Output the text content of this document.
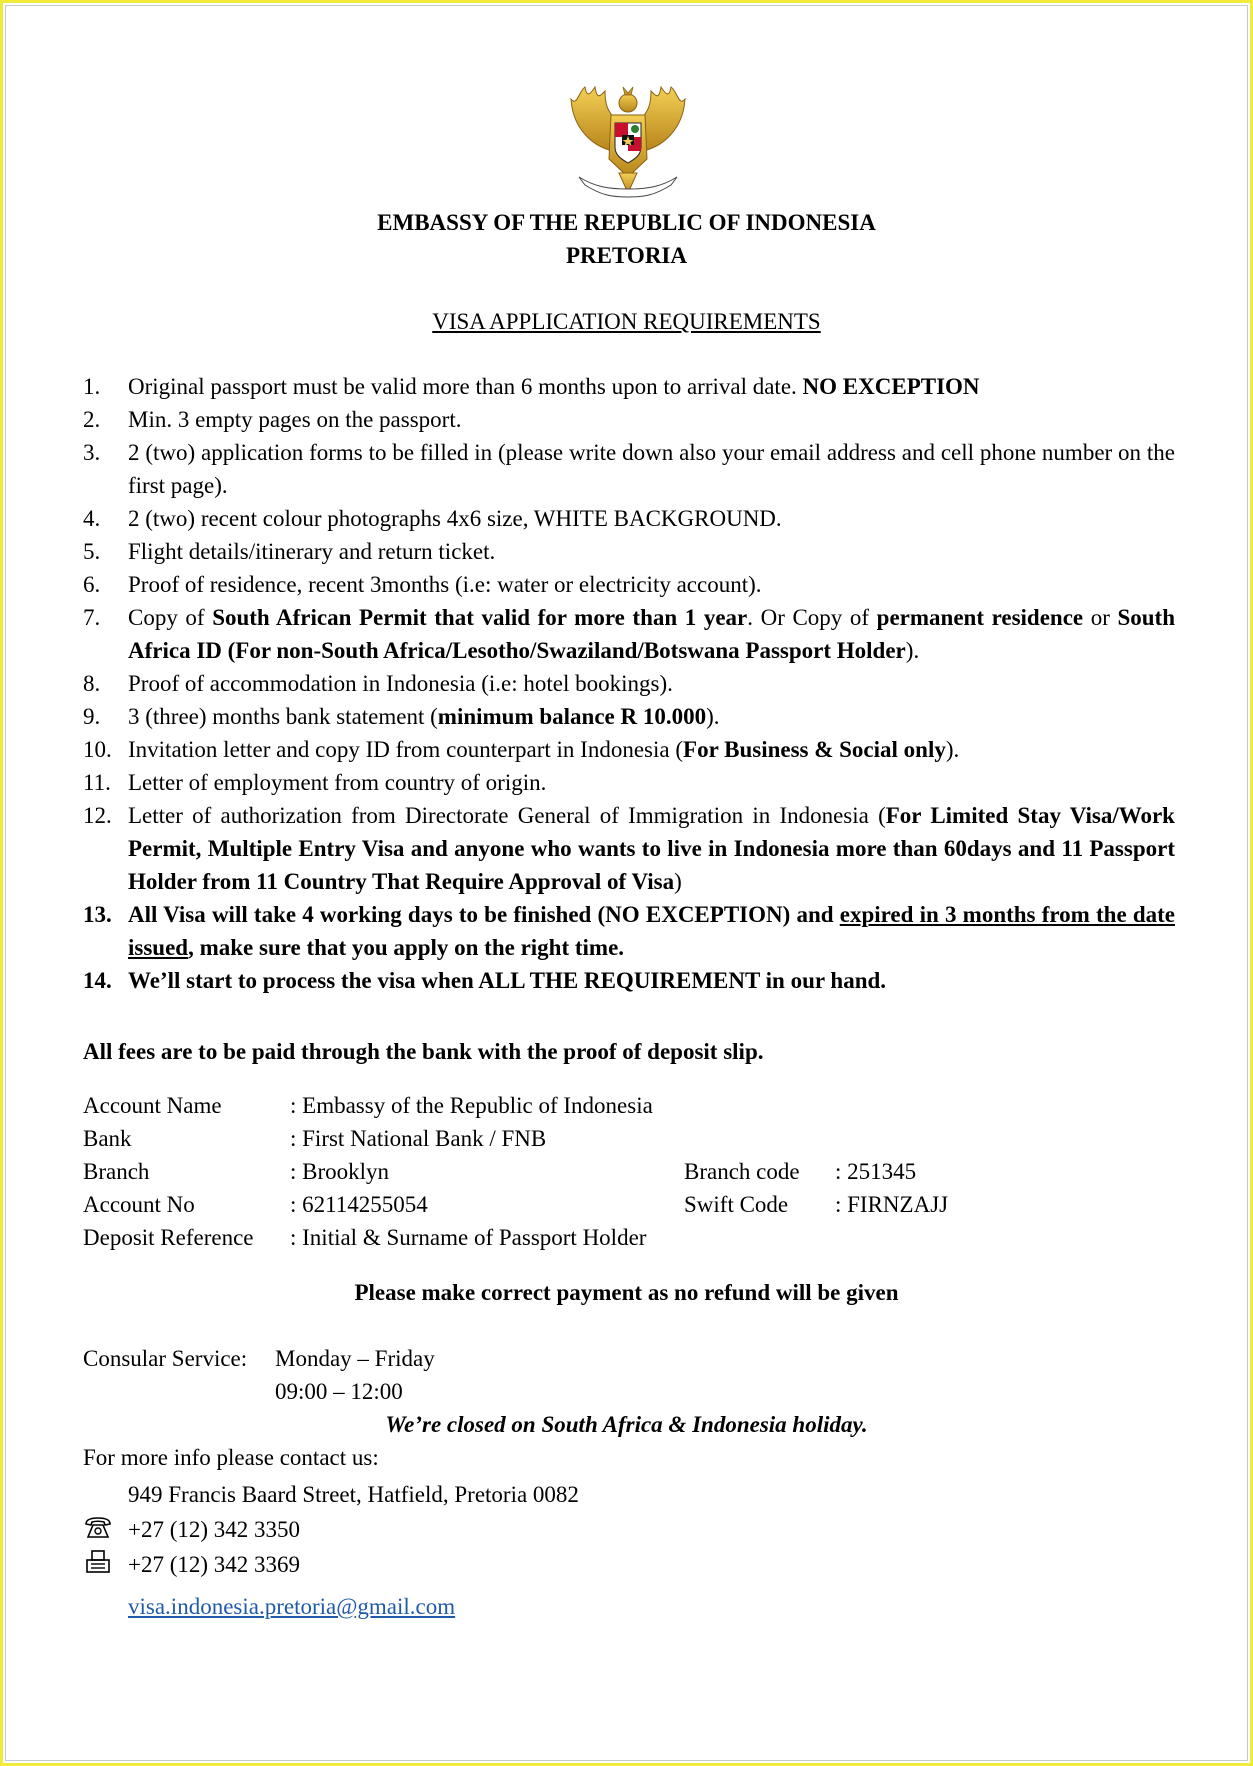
EMBASSY OF THE REPUBLIC OF INDONESIA
PRETORIA
VISA APPLICATION REQUIREMENTS
1. Original passport must be valid more than 6 months upon to arrival date. NO EXCEPTION
2. Min. 3 empty pages on the passport.
3. 2 (two) application forms to be filled in (please write down also your email address and cell phone number on the first page).
4. 2 (two) recent colour photographs 4x6 size, WHITE BACKGROUND.
5. Flight details/itinerary and return ticket.
6. Proof of residence, recent 3months (i.e: water or electricity account).
7. Copy of South African Permit that valid for more than 1 year. Or Copy of permanent residence or South Africa ID (For non-South Africa/Lesotho/Swaziland/Botswana Passport Holder).
8. Proof of accommodation in Indonesia (i.e: hotel bookings).
9. 3 (three) months bank statement (minimum balance R 10.000).
10. Invitation letter and copy ID from counterpart in Indonesia (For Business & Social only).
11. Letter of employment from country of origin.
12. Letter of authorization from Directorate General of Immigration in Indonesia (For Limited Stay Visa/Work Permit, Multiple Entry Visa and anyone who wants to live in Indonesia more than 60days and 11 Passport Holder from 11 Country That Require Approval of Visa)
13. All Visa will take 4 working days to be finished (NO EXCEPTION) and expired in 3 months from the date issued, make sure that you apply on the right time.
14. We’ll start to process the visa when ALL THE REQUIREMENT in our hand.
All fees are to be paid through the bank with the proof of deposit slip.
Account Name	: Embassy of the Republic of Indonesia
Bank	: First National Bank / FNB
Branch	: Brooklyn	Branch code : 251345
Account No	: 62114255054	Swift Code : FIRNZAJJ
Deposit Reference : Initial & Surname of Passport Holder
Please make correct payment as no refund will be given
Consular Service: Monday – Friday
09:00 – 12:00
We’re closed on South Africa & Indonesia holiday.
For more info please contact us:
949 Francis Baard Street, Hatfield, Pretoria 0082
+27 (12) 342 3350
+27 (12) 342 3369
visa.indonesia.pretoria@gmail.com
